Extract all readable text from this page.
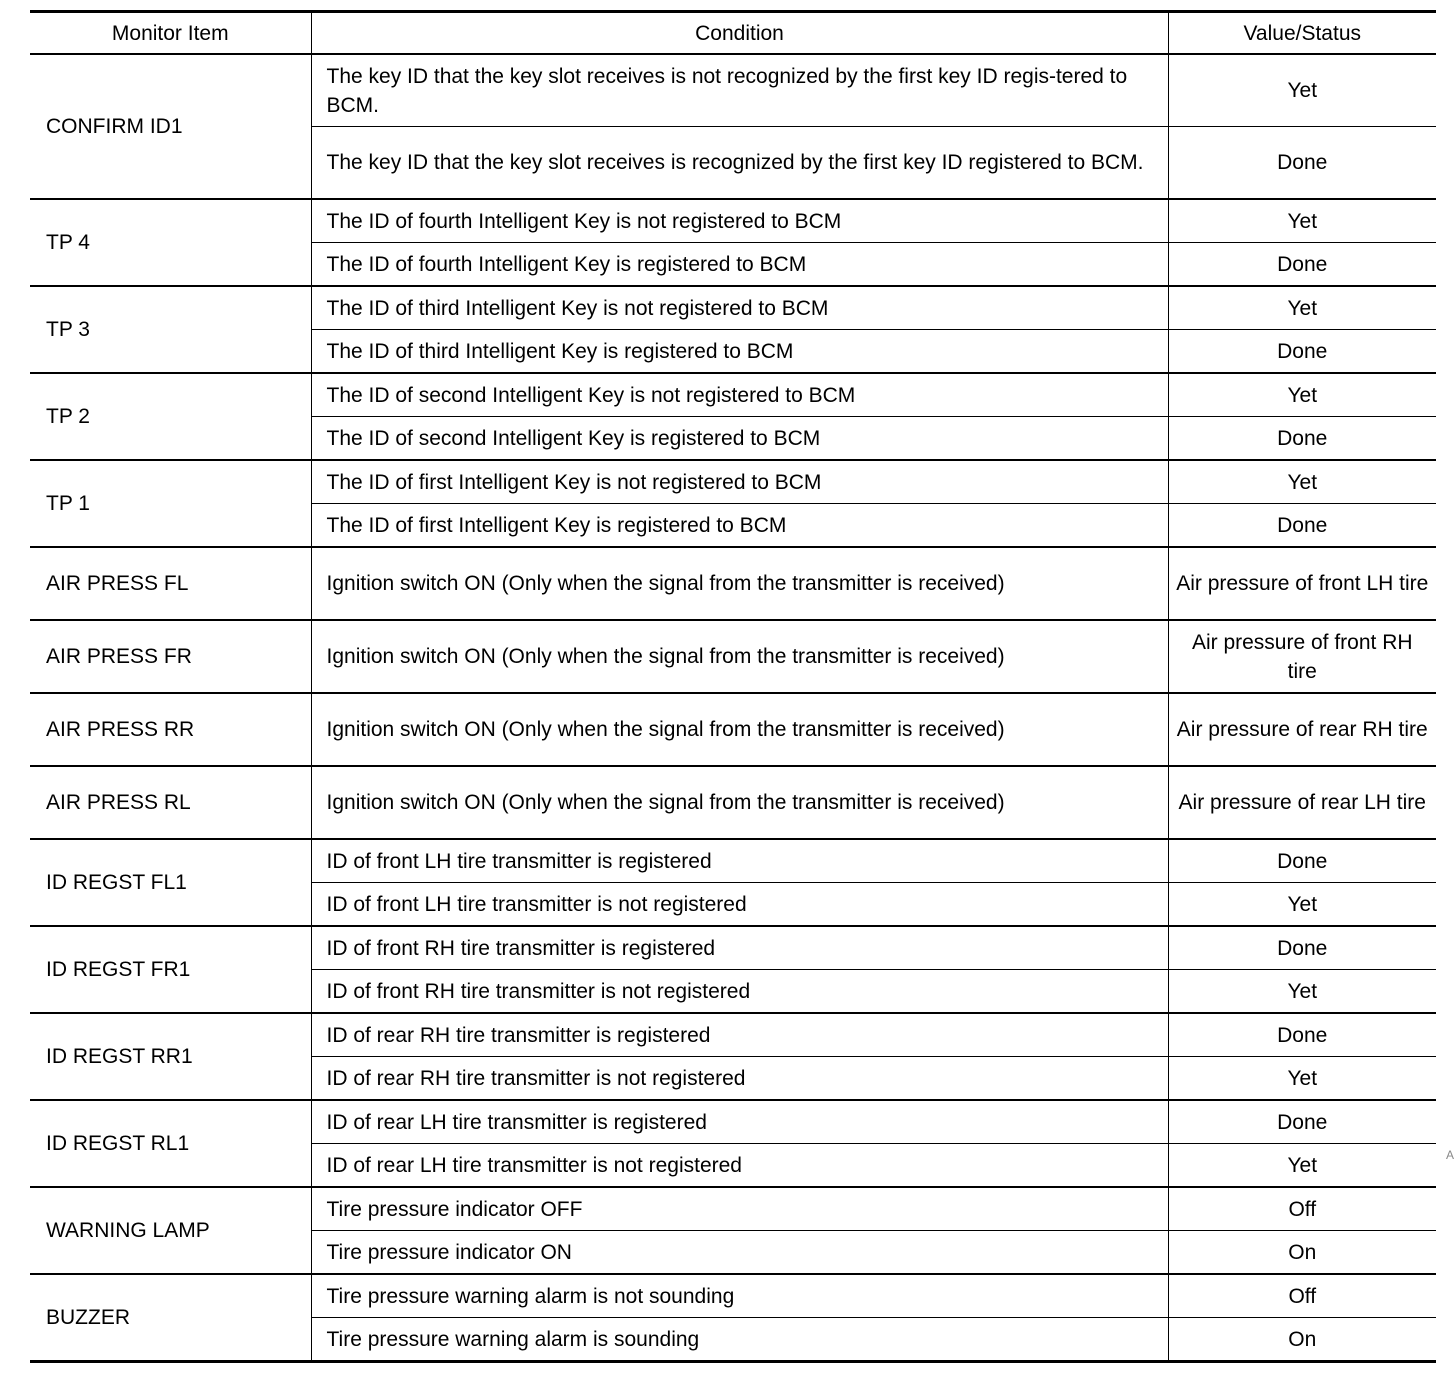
Monitor Item	Condition	Value/Status
CONFIRM ID1	The key ID that the key slot receives is not recognized by the first key ID regis-tered to BCM.	Yet
	The key ID that the key slot receives is recognized by the first key ID registered to BCM.	Done
TP 4	The ID of fourth Intelligent Key is not registered to BCM	Yet
	The ID of fourth Intelligent Key is registered to BCM	Done
TP 3	The ID of third Intelligent Key is not registered to BCM	Yet
	The ID of third Intelligent Key is registered to BCM	Done
TP 2	The ID of second Intelligent Key is not registered to BCM	Yet
	The ID of second Intelligent Key is registered to BCM	Done
TP 1	The ID of first Intelligent Key is not registered to BCM	Yet
	The ID of first Intelligent Key is registered to BCM	Done
AIR PRESS FL	Ignition switch ON (Only when the signal from the transmitter is received)	Air pressure of front LH tire
AIR PRESS FR	Ignition switch ON (Only when the signal from the transmitter is received)	Air pressure of front RH tire
AIR PRESS RR	Ignition switch ON (Only when the signal from the transmitter is received)	Air pressure of rear RH tire
AIR PRESS RL	Ignition switch ON (Only when the signal from the transmitter is received)	Air pressure of rear LH tire
ID REGST FL1	ID of front LH tire transmitter is registered	Done
	ID of front LH tire transmitter is not registered	Yet
ID REGST FR1	ID of front RH tire transmitter is registered	Done
	ID of front RH tire transmitter is not registered	Yet
ID REGST RR1	ID of rear RH tire transmitter is registered	Done
	ID of rear RH tire transmitter is not registered	Yet
ID REGST RL1	ID of rear LH tire transmitter is registered	Done
	ID of rear LH tire transmitter is not registered	Yet
WARNING LAMP	Tire pressure indicator OFF	Off
	Tire pressure indicator ON	On
BUZZER	Tire pressure warning alarm is not sounding	Off
	Tire pressure warning alarm is sounding	On
A
